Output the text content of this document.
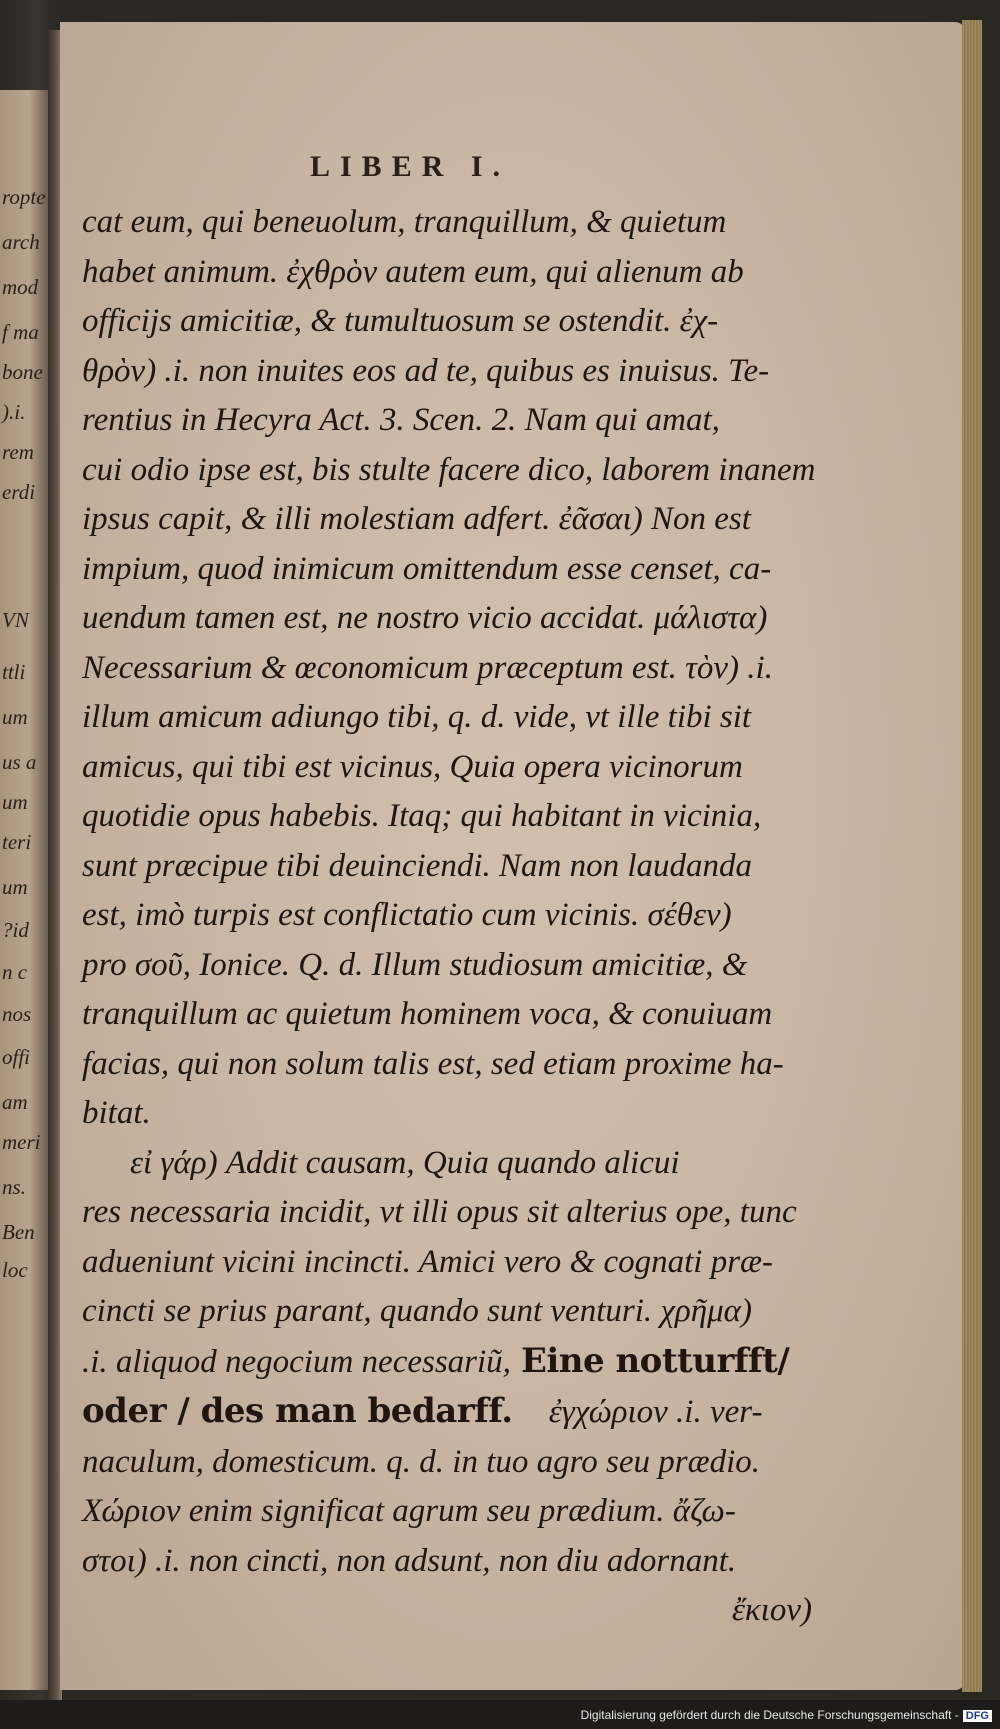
ropte
arch
mod
f ma
bone
).i.
rem
erdi
VN
ttli
um
us a
um
teri
um
?id
n c
nos
offi
am
meri
ns.
Ben
loc
LIBER I.
cat eum, qui beneuolum, tranquillum, & quietum
habet animum. ἐχθρὸν autem eum, qui alienum ab
officijs amicitiæ, & tumultuosum se ostendit. ἐχ-
θρὸν) .i. non inuites eos ad te, quibus es inuisus. Te-
rentius in Hecyra Act. 3. Scen. 2. Nam qui amat,
cui odio ipse est, bis stulte facere dico, laborem inanem
ipsus capit, & illi molestiam adfert. ἐᾶσαι) Non est
impium, quod inimicum omittendum esse censet, ca-
uendum tamen est, ne nostro vicio accidat. μάλιστα)
Necessarium & œconomicum præceptum est. τὸν) .i.
illum amicum adiungo tibi, q. d. vide, vt ille tibi sit
amicus, qui tibi est vicinus, Quia opera vicinorum
quotidie opus habebis. Itaq; qui habitant in vicinia,
sunt præcipue tibi deuinciendi. Nam non laudanda
est, imò turpis est conflictatio cum vicinis. σέθεν)
pro σοῦ, Ionice. Q. d. Illum studiosum amicitiæ, &
tranquillum ac quietum hominem voca, & conuiuam
facias, qui non solum talis est, sed etiam proxime ha-
bitat.
εἰ γάρ) Addit causam, Quia quando alicui
res necessaria incidit, vt illi opus sit alterius ope, tunc
adueniunt vicini incincti. Amici vero & cognati præ-
cincti se prius parant, quando sunt venturi. χρῆμα)
.i. aliquod negocium necessariũ, Eine notturfft/
oder / des man bedarff. ἐγχώριον .i. ver-
naculum, domesticum. q. d. in tuo agro seu prædio.
Χώριον enim significat agrum seu prædium. ἄζω-
στοι) .i. non cincti, non adsunt, non diu adornant.
ἔκιον)
Digitalisierung gefördert durch die Deutsche Forschungsgemeinschaft - DFG
